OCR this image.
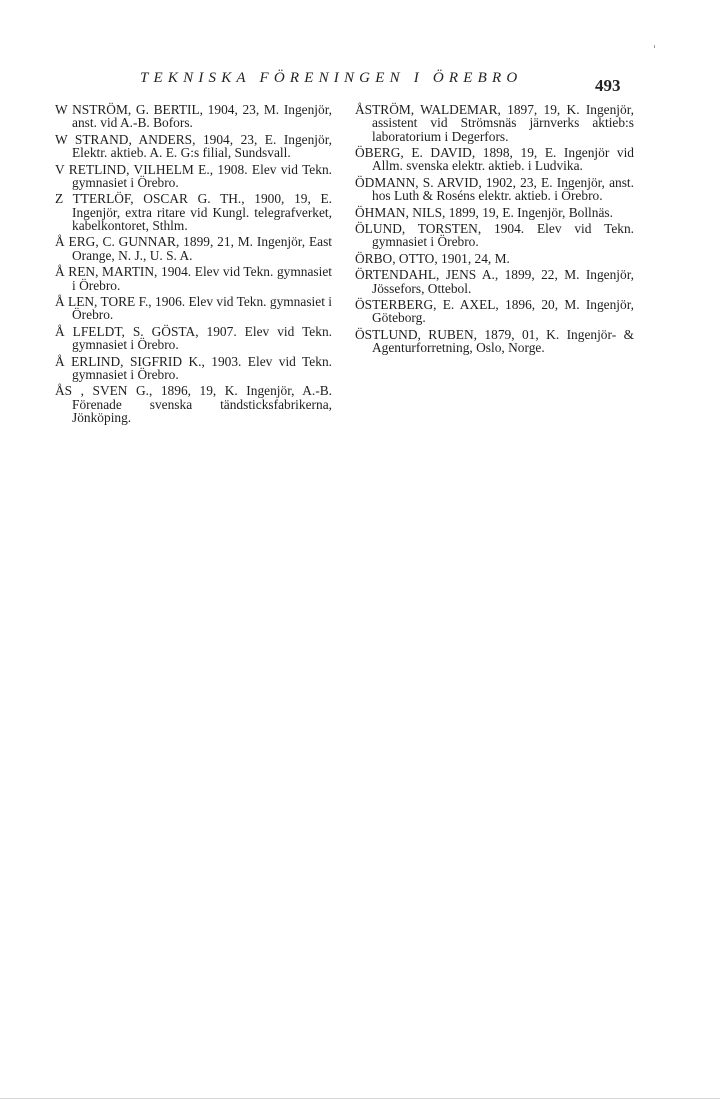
TEKNISKA FÖRENINGEN I ÖREBRO	493

W NSTRÖM, G. BERTIL, 1904, 23, M. Ingenjör, anst. vid A.-B. Bofors.

W STRAND, ANDERS, 1904, 23, E. Ingenjör, Elektr. aktieb. A. E. G:s filial, Sundsvall.

V RETLIND, VILHELM E., 1908. Elev vid Tekn. gymnasiet i Örebro.

Z TTERLÖF, OSCAR G. TH., 1900, 19, E. Ingenjör, extra ritare vid Kungl. telegrafverket, kabelkontoret, Sthlm.

Å ERG, C. GUNNAR, 1899, 21, M. Ingenjör, East Orange, N. J., U. S. A.

Å REN, MARTIN, 1904. Elev vid Tekn. gymnasiet i Örebro.

Å LEN, TORE F., 1906. Elev vid Tekn. gymnasiet i Örebro.

Å LFELDT, S. GÖSTA, 1907. Elev vid Tekn. gymnasiet i Örebro.

Å ERLIND, SIGFRID K., 1903. Elev vid Tekn. gymnasiet i Örebro.

ÅS , SVEN G., 1896, 19, K. Ingenjör, A.-B. Förenade svenska tändsticksfabrikerna, Jönköping.

ÅSTRÖM, WALDEMAR, 1897, 19, K. Ingenjör, assistent vid Strömsnäs järnverks aktieb:s laboratorium i Degerfors.

ÖBERG, E. DAVID, 1898, 19, E. Ingenjör vid Allm. svenska elektr. aktieb. i Ludvika.

ÖDMANN, S. ARVID, 1902, 23, E. Ingenjör, anst. hos Luth & Roséns elektr. aktieb. i Örebro.

ÖHMAN, NILS, 1899, 19, E. Ingenjör, Bollnäs.

ÖLUND, TORSTEN, 1904. Elev vid Tekn. gymnasiet i Örebro.

ÖRBO, OTTO, 1901, 24, M.

ÖRTENDAHL, JENS A., 1899, 22, M. Ingenjör, Jössefors, Ottebol.

ÖSTERBERG, E. AXEL, 1896, 20, M. Ingenjör, Göteborg.

ÖSTLUND, RUBEN, 1879, 01, K. Ingenjör- & Agenturforretning, Oslo, Norge.
